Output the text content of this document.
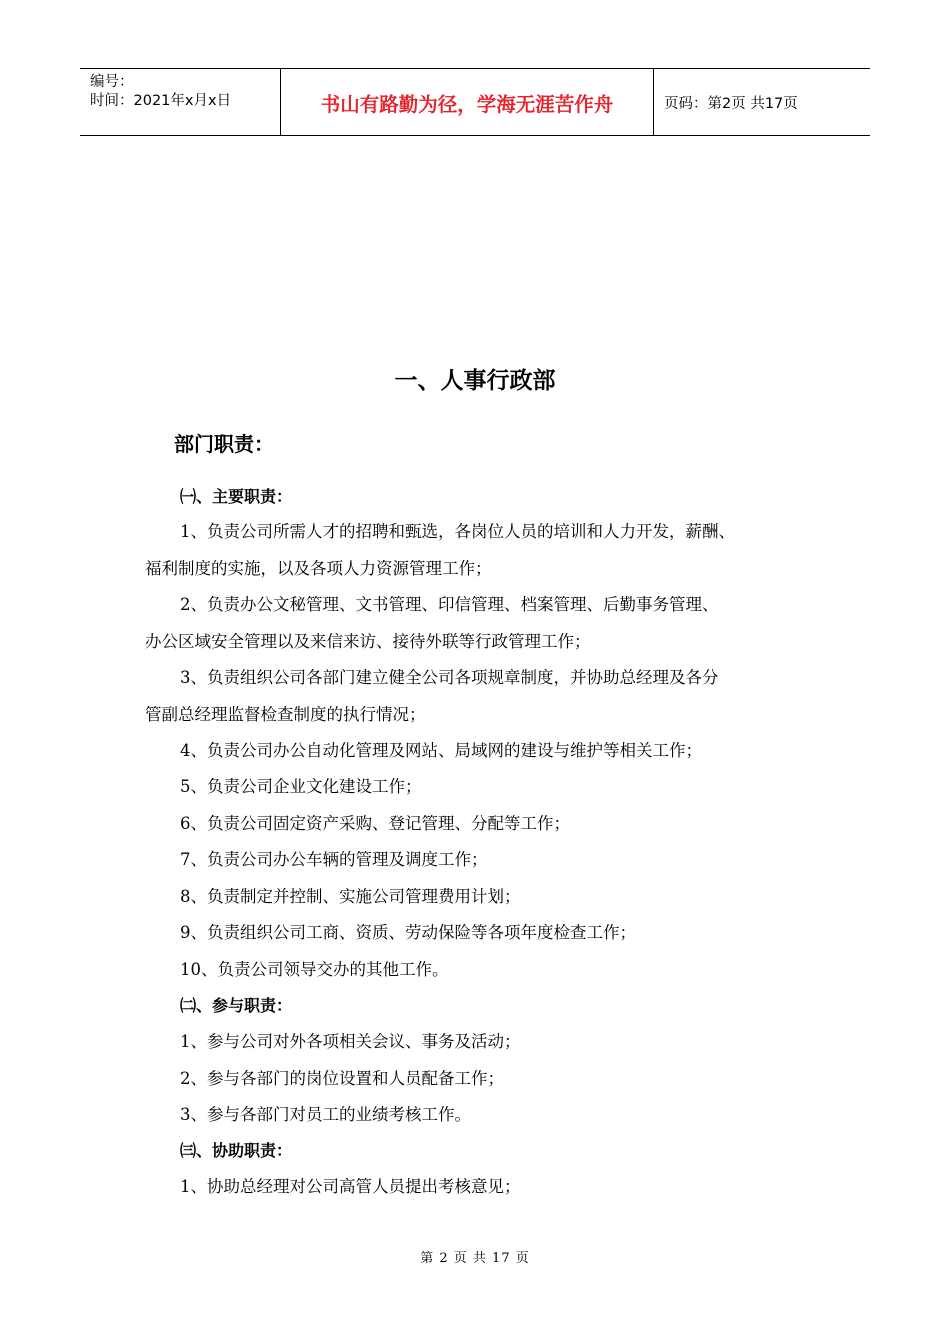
编号：
时间：2021年x月x日	书山有路勤为径，学海无涯苦作舟	页码：第2页 共17页
一、人事行政部
部门职责：
㈠、主要职责：
1、负责公司所需人才的招聘和甄选，各岗位人员的培训和人力开发，薪酬、
福利制度的实施，以及各项人力资源管理工作；
2、负责办公文秘管理、文书管理、印信管理、档案管理、后勤事务管理、
办公区域安全管理以及来信来访、接待外联等行政管理工作；
3、负责组织公司各部门建立健全公司各项规章制度，并协助总经理及各分
管副总经理监督检查制度的执行情况；
4、负责公司办公自动化管理及网站、局域网的建设与维护等相关工作；
5、负责公司企业文化建设工作；
6、负责公司固定资产采购、登记管理、分配等工作；
7、负责公司办公车辆的管理及调度工作；
8、负责制定并控制、实施公司管理费用计划；
9、负责组织公司工商、资质、劳动保险等各项年度检查工作；
10、负责公司领导交办的其他工作。
㈡、参与职责：
1、参与公司对外各项相关会议、事务及活动；
2、参与各部门的岗位设置和人员配备工作；
3、参与各部门对员工的业绩考核工作。
㈢、协助职责：
1、协助总经理对公司高管人员提出考核意见；
第 2 页 共 17 页
